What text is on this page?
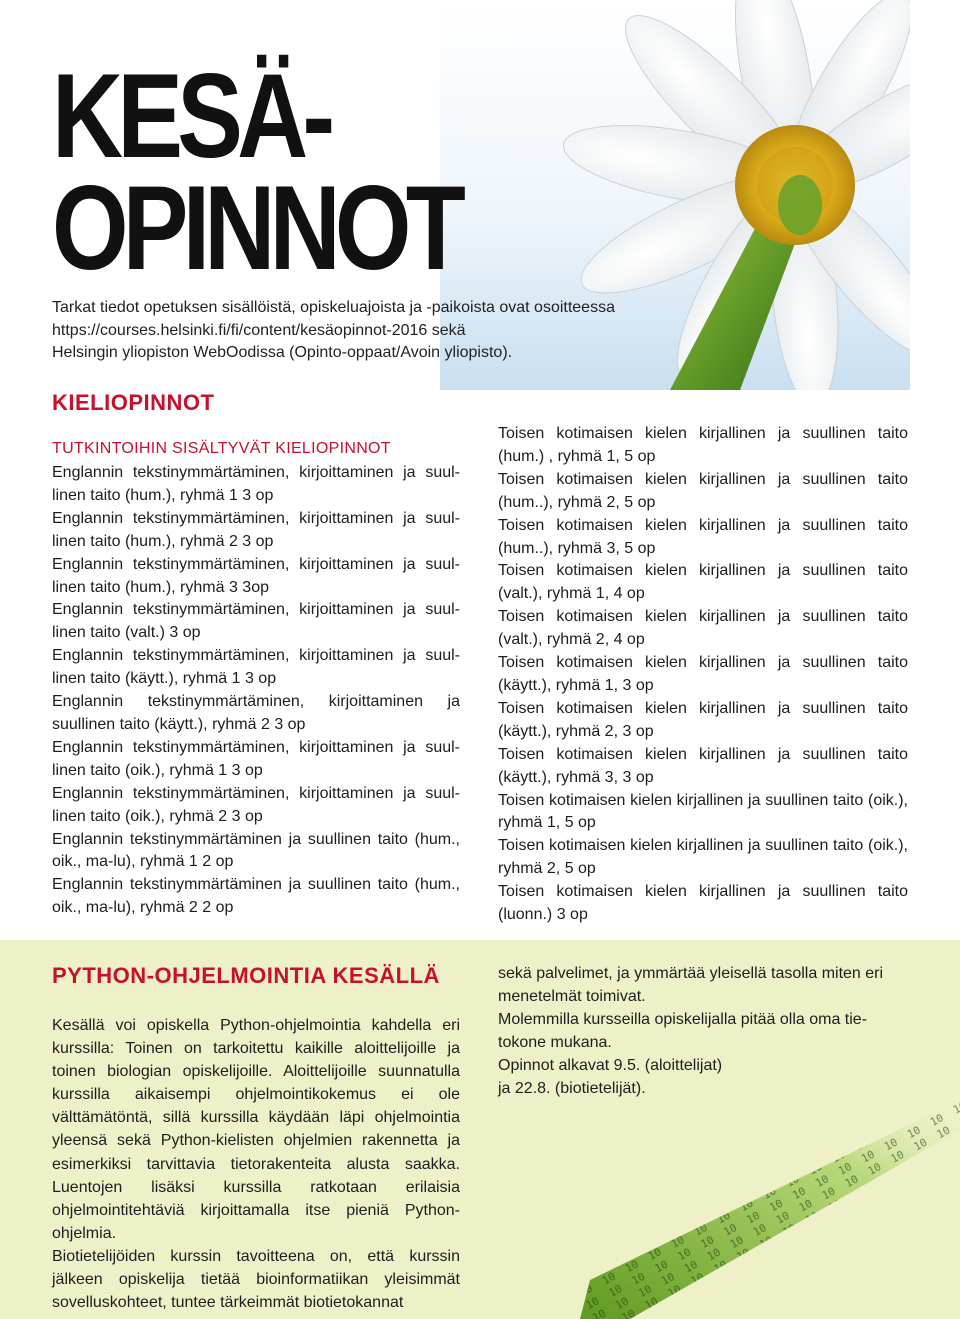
KESÄ-
OPINNOT
Tarkat tiedot opetuksen sisällöistä, opiskeluajoista ja -paikoista ovat osoitteessa
https://courses.helsinki.fi/fi/content/kesäopinnot-2016 sekä
Helsingin yliopiston WebOodissa (Opinto-oppaat/Avoin yliopisto).
KIELIOPINNOT
TUTKINTOIHIN SISÄLTYVÄT KIELIOPINNOT

Englannin tekstinymmärtäminen, kirjoittaminen ja suullinen taito (hum.), ryhmä 1 3 op

Englannin tekstinymmärtäminen, kirjoittaminen ja suullinen taito (hum.), ryhmä 2 3 op

Englannin tekstinymmärtäminen, kirjoittaminen ja suullinen taito (hum.), ryhmä 3 3op

Englannin tekstinymmärtäminen, kirjoittaminen ja suullinen taito (valt.) 3 op

Englannin tekstinymmärtäminen, kirjoittaminen ja suullinen taito (käytt.), ryhmä 1 3 op

Englannin tekstinymmärtäminen, kirjoittaminen ja suullinen taito (käytt.), ryhmä 2 3 op

Englannin tekstinymmärtäminen, kirjoittaminen ja suullinen taito (oik.), ryhmä 1 3 op

Englannin tekstinymmärtäminen, kirjoittaminen ja suullinen taito (oik.), ryhmä 2 3 op

Englannin tekstinymmärtäminen ja suullinen taito (hum., oik., ma-lu), ryhmä 1 2 op

Englannin tekstinymmärtäminen ja suullinen taito (hum., oik., ma-lu), ryhmä 2 2 op

Toisen kotimaisen kielen kirjallinen ja suullinen taito (hum.) , ryhmä 1, 5 op

Toisen kotimaisen kielen kirjallinen ja suullinen taito (hum..), ryhmä 2, 5 op

Toisen kotimaisen kielen kirjallinen ja suullinen taito (hum..), ryhmä 3, 5 op

Toisen kotimaisen kielen kirjallinen ja suullinen taito (valt.), ryhmä 1, 4 op

Toisen kotimaisen kielen kirjallinen ja suullinen taito (valt.), ryhmä 2, 4 op

Toisen kotimaisen kielen kirjallinen ja suullinen taito (käytt.), ryhmä 1, 3 op

Toisen kotimaisen kielen kirjallinen ja suullinen taito (käytt.), ryhmä 2, 3 op

Toisen kotimaisen kielen kirjallinen ja suullinen taito (käytt.), ryhmä 3, 3 op

Toisen kotimaisen kielen kirjallinen ja suullinen taito (oik.), ryhmä 1, 5 op

Toisen kotimaisen kielen kirjallinen ja suullinen taito (oik.), ryhmä 2, 5 op

Toisen kotimaisen kielen kirjallinen ja suullinen taito (luonn.) 3 op

PYTHON-OHJELMOINTIA KESÄLLÄ

Kesällä voi opiskella Python-ohjelmointia kahdella eri kurssilla: Toinen on tarkoitettu kaikille aloittelijoille ja toinen biologian opiskelijoille. Aloittelijoille suunnatulla kurssilla aikaisempi ohjelmointikokemus ei ole välttämätöntä, sillä kurssilla käydään läpi ohjelmointia yleensä sekä Python-kielisten ohjelmien rakennetta ja esimerkiksi tarvittavia tietorakenteita alusta saakka. Luentojen lisäksi kurssilla ratkotaan erilaisia ohjelmointitehtäviä kirjoittamalla itse pieniä Python-ohjelmia.

Biotietelijöiden kurssin tavoitteena on, että kurssin jälkeen opiskelija tietää bioinformatiikan yleisimmät sovelluskohteet, tuntee tärkeimmät biotietokannat

sekä palvelimet, ja ymmärtää yleisellä tasolla miten eri menetelmät toimivat.

Molemmilla kursseilla opiskelijalla pitää olla oma tietokone mukana.

Opinnot alkavat 9.5. (aloittelijat)

ja 22.8. (biotietelijät).
